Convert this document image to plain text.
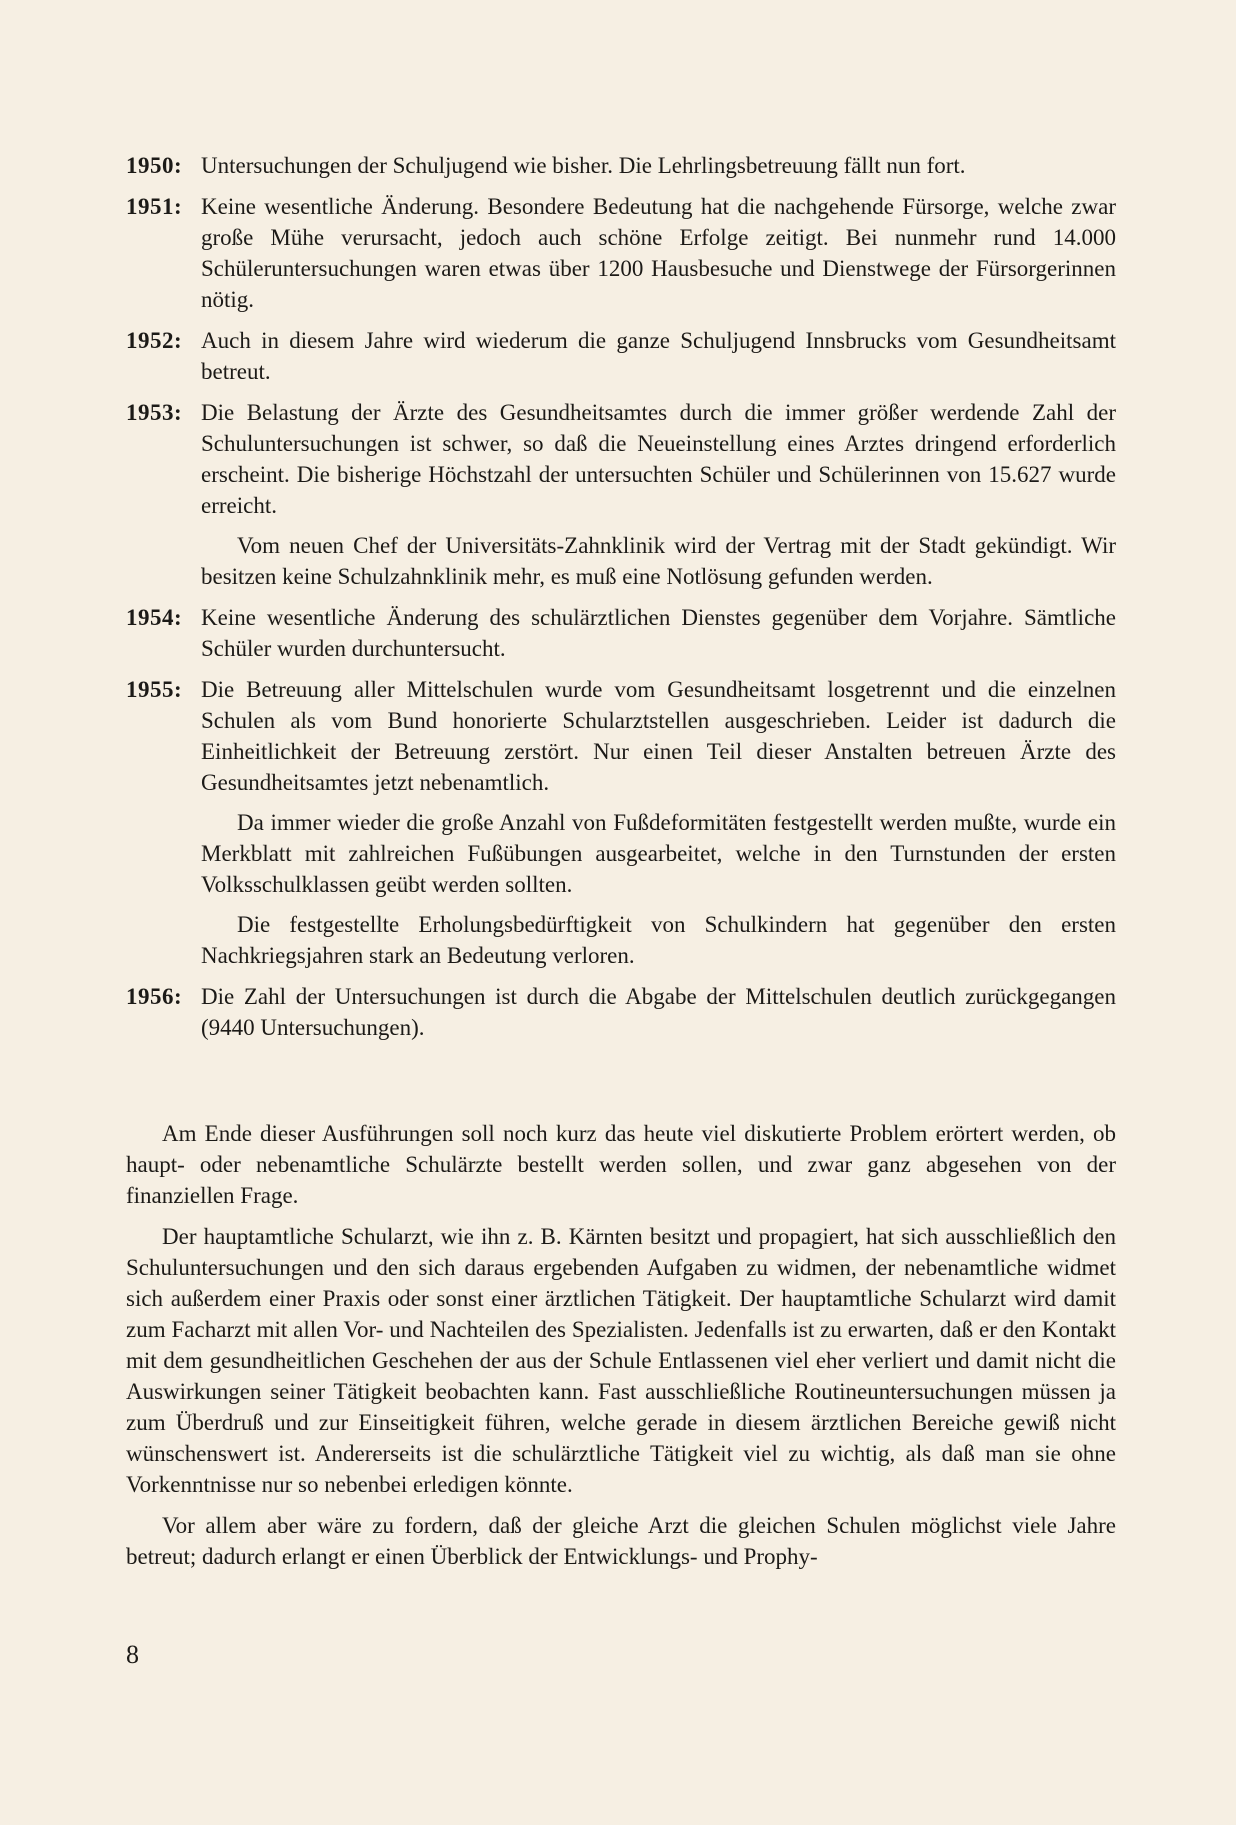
1950: Untersuchungen der Schuljugend wie bisher. Die Lehrlingsbetreuung fällt nun fort.

1951: Keine wesentliche Änderung. Besondere Bedeutung hat die nachgehende Fürsorge, welche zwar große Mühe verursacht, jedoch auch schöne Erfolge zeitigt. Bei nunmehr rund 14.000 Schüleruntersuchungen waren etwas über 1200 Hausbesuche und Dienstwege der Fürsorgerinnen nötig.

1952: Auch in diesem Jahre wird wiederum die ganze Schuljugend Innsbrucks vom Gesundheitsamt betreut.

1953: Die Belastung der Ärzte des Gesundheitsamtes durch die immer größer werdende Zahl der Schuluntersuchungen ist schwer, so daß die Neueinstellung eines Arztes dringend erforderlich erscheint. Die bisherige Höchstzahl der untersuchten Schüler und Schülerinnen von 15.627 wurde erreicht.

Vom neuen Chef der Universitäts-Zahnklinik wird der Vertrag mit der Stadt gekündigt. Wir besitzen keine Schulzahnklinik mehr, es muß eine Notlösung gefunden werden.

1954: Keine wesentliche Änderung des schulärztlichen Dienstes gegenüber dem Vorjahre. Sämtliche Schüler wurden durchuntersucht.

1955: Die Betreuung aller Mittelschulen wurde vom Gesundheitsamt losgetrennt und die einzelnen Schulen als vom Bund honorierte Schularztstellen ausgeschrieben. Leider ist dadurch die Einheitlichkeit der Betreuung zerstört. Nur einen Teil dieser Anstalten betreuen Ärzte des Gesundheitsamtes jetzt nebenamtlich.

Da immer wieder die große Anzahl von Fußdeformitäten festgestellt werden mußte, wurde ein Merkblatt mit zahlreichen Fußübungen ausgearbeitet, welche in den Turnstunden der ersten Volksschulklassen geübt werden sollten.

Die festgestellte Erholungsbedürftigkeit von Schulkindern hat gegenüber den ersten Nachkriegsjahren stark an Bedeutung verloren.

1956: Die Zahl der Untersuchungen ist durch die Abgabe der Mittelschulen deutlich zurückgegangen (9440 Untersuchungen).

Am Ende dieser Ausführungen soll noch kurz das heute viel diskutierte Problem erörtert werden, ob haupt- oder nebenamtliche Schulärzte bestellt werden sollen, und zwar ganz abgesehen von der finanziellen Frage.

Der hauptamtliche Schularzt, wie ihn z. B. Kärnten besitzt und propagiert, hat sich ausschließlich den Schuluntersuchungen und den sich daraus ergebenden Aufgaben zu widmen, der nebenamtliche widmet sich außerdem einer Praxis oder sonst einer ärztlichen Tätigkeit. Der hauptamtliche Schularzt wird damit zum Facharzt mit allen Vor- und Nachteilen des Spezialisten. Jedenfalls ist zu erwarten, daß er den Kontakt mit dem gesundheitlichen Geschehen der aus der Schule Entlassenen viel eher verliert und damit nicht die Auswirkungen seiner Tätigkeit beobachten kann. Fast ausschließliche Routineuntersuchungen müssen ja zum Überdruß und zur Einseitigkeit führen, welche gerade in diesem ärztlichen Bereiche gewiß nicht wünschenswert ist. Andererseits ist die schulärztliche Tätigkeit viel zu wichtig, als daß man sie ohne Vorkenntnisse nur so nebenbei erledigen könnte.

Vor allem aber wäre zu fordern, daß der gleiche Arzt die gleichen Schulen möglichst viele Jahre betreut; dadurch erlangt er einen Überblick der Entwicklungs- und Prophy-

8
